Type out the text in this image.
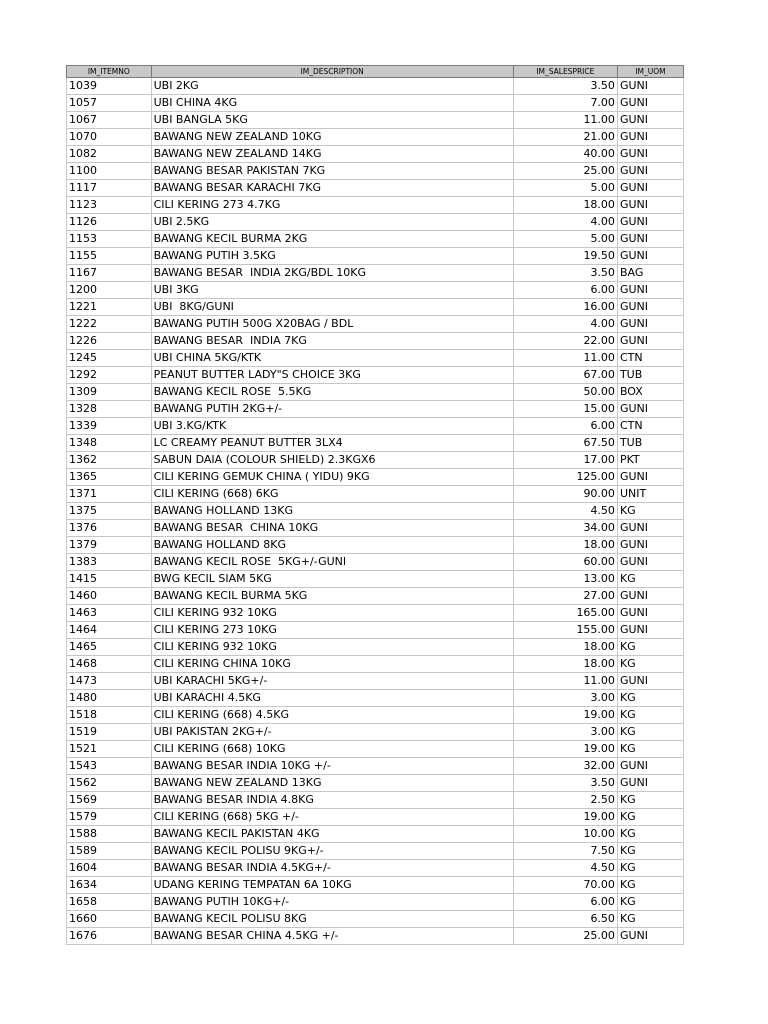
IM_ITEMNO	IM_DESCRIPTION	IM_SALESPRICE	IM_UOM
1039	UBI 2KG	3.50	GUNI
1057	UBI CHINA 4KG	7.00	GUNI
1067	UBI BANGLA 5KG	11.00	GUNI
1070	BAWANG NEW ZEALAND 10KG	21.00	GUNI
1082	BAWANG NEW ZEALAND 14KG	40.00	GUNI
1100	BAWANG BESAR PAKISTAN 7KG	25.00	GUNI
1117	BAWANG BESAR KARACHI 7KG	5.00	GUNI
1123	CILI KERING 273 4.7KG	18.00	GUNI
1126	UBI 2.5KG	4.00	GUNI
1153	BAWANG KECIL BURMA 2KG	5.00	GUNI
1155	BAWANG PUTIH 3.5KG	19.50	GUNI
1167	BAWANG BESAR  INDIA 2KG/BDL 10KG	3.50	BAG
1200	UBI 3KG	6.00	GUNI
1221	UBI  8KG/GUNI	16.00	GUNI
1222	BAWANG PUTIH 500G X20BAG / BDL	4.00	GUNI
1226	BAWANG BESAR  INDIA 7KG	22.00	GUNI
1245	UBI CHINA 5KG/KTK	11.00	CTN
1292	PEANUT BUTTER LADY"S CHOICE 3KG	67.00	TUB
1309	BAWANG KECIL ROSE  5.5KG	50.00	BOX
1328	BAWANG PUTIH 2KG+/-	15.00	GUNI
1339	UBI 3.KG/KTK	6.00	CTN
1348	LC CREAMY PEANUT BUTTER 3LX4	67.50	TUB
1362	SABUN DAIA (COLOUR SHIELD) 2.3KGX6	17.00	PKT
1365	CILI KERING GEMUK CHINA ( YIDU) 9KG	125.00	GUNI
1371	CILI KERING (668) 6KG	90.00	UNIT
1375	BAWANG HOLLAND 13KG	4.50	KG
1376	BAWANG BESAR  CHINA 10KG	34.00	GUNI
1379	BAWANG HOLLAND 8KG	18.00	GUNI
1383	BAWANG KECIL ROSE  5KG+/-GUNI	60.00	GUNI
1415	BWG KECIL SIAM 5KG	13.00	KG
1460	BAWANG KECIL BURMA 5KG	27.00	GUNI
1463	CILI KERING 932 10KG	165.00	GUNI
1464	CILI KERING 273 10KG	155.00	GUNI
1465	CILI KERING 932 10KG	18.00	KG
1468	CILI KERING CHINA 10KG	18.00	KG
1473	UBI KARACHI 5KG+/-	11.00	GUNI
1480	UBI KARACHI 4.5KG	3.00	KG
1518	CILI KERING (668) 4.5KG	19.00	KG
1519	UBI PAKISTAN 2KG+/-	3.00	KG
1521	CILI KERING (668) 10KG	19.00	KG
1543	BAWANG BESAR INDIA 10KG +/-	32.00	GUNI
1562	BAWANG NEW ZEALAND 13KG	3.50	GUNI
1569	BAWANG BESAR INDIA 4.8KG	2.50	KG
1579	CILI KERING (668) 5KG +/-	19.00	KG
1588	BAWANG KECIL PAKISTAN 4KG	10.00	KG
1589	BAWANG KECIL POLISU 9KG+/-	7.50	KG
1604	BAWANG BESAR INDIA 4.5KG+/-	4.50	KG
1634	UDANG KERING TEMPATAN 6A 10KG	70.00	KG
1658	BAWANG PUTIH 10KG+/-	6.00	KG
1660	BAWANG KECIL POLISU 8KG	6.50	KG
1676	BAWANG BESAR CHINA 4.5KG +/-	25.00	GUNI
